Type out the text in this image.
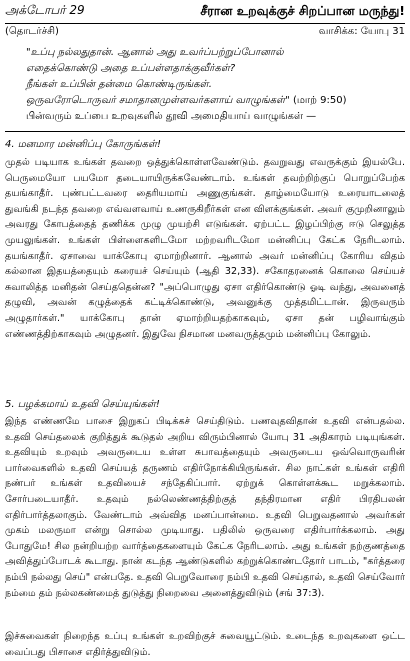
அக்டோபர் 29	சீரான உறவுக்குச் சிறப்பான மருந்து!
(தொடர்ச்சி)	வாசிக்க: யோபு 31
"உப்பு நல்லதுதான். ஆனால் அது உவர்ப்பற்றுப்போனால்
எதைக்கொண்டு அதை உப்பள்ளதாக்குவீர்கள்?
நீங்கள் உப்பின் தன்மை கொண்டிருங்கள்.
ஒருவரோடொருவர் சமாதானமுள்ளவர்களாய் வாழுங்கள்" (மாற் 9:50)
பின்வரும் உப்பை உறவுகளில் தூவி அமைதியாய் வாழுங்கள் —
4. மனமார மன்னிப்பு கோருங்கள்!
முதல் படியாக உங்கள் தவறை ஒத்துக்கொள்ளவேண்டும். தவறுவது எவருக்கும் இயல்பே. பெருமையோ பயமோ தடையாயிருக்கவேண்டாம். உங்கள் தவற்றிற்குப் பொறுப்பேற்க தயங்காதீர். புண்பட்டவரை தைரியமாய் அணுகுங்கள். தாழ்மையோடு உரையாடலைத் துவங்கி நடந்த தவறை எவ்வளவாய் உணருகிறீர்கள் என விளக்குங்கள். அவர் குமுறினாலும் அவரது கோபத்தைத் தணிக்க முழு முயற்சி எடுங்கள். ஏற்பட்ட இழப்பிற்கு ஈடு செலுத்த முயலுங்கள். உங்கள் பிள்ளைகளிடமோ மற்றவரிடமோ மன்னிப்பு கேட்க நேரிடலாம். தயங்காதீர். ஏசாவை யாக்கோபு ஏமாற்றினார். ஆனால் அவர் மன்னிப்பு கோரிய விதம் கல்லான இதயத்தையும் கரையச் செய்யும் (ஆதி 32,33). சகோதரனைக் கொலை செய்யச் சுவாலித்த மனிதன் செய்ததென்ன? "அப்பொழுது ஏசா எதிர்கொண்டு ஓடி வந்து, அவனைத் தழுவி, அவன் கழுத்தைக் கட்டிக்கொண்டு, அவனுக்கு முத்தமிட்டான். இருவரும் அழுதார்கள்." யாக்கோபு தான் ஏமாற்றியதற்காகவும், ஏசா தன் பழிவாங்கும் எண்ணத்திற்காகவும் அழுதனர். இதுவே நிசமான மனவருத்தமும் மன்னிப்பு கோலும்.
5. பழக்கமாய் உதவி செய்யுங்கள்!
இந்த எண்ணமே பாசை இறுகப் பிடிக்கச் செய்திடும். பணவுதவிதான் உதவி என்பதல்ல. உதவி செய்தலைக் குறித்துக் கூடுதல் அறிய விரும்பினால் யோபு 31 அதிகாரம் படியுங்கள். உதவியும் உறவும் அவருடைய உள்ள சுபாவத்தையும் அவருடைய ஒவ்வொருவரின் பார்வைகளில் உதவி செய்யத் தருணம் எதிர்நோக்கியிருங்கள். சில நாட்கள் உங்கள் எதிரி நண்பர் உங்கள் உதவியைச் சந்தேகிப்பார். ஏற்றுக் கொள்ளக்கூட மறுக்கலாம். சோர்படையாதீர். உதவும் நல்லெண்ணத்திற்குத் தந்திரமான எதிர் பிரதிபலன் எதிர்பார்த்தலாகும். வேண்டாம் அவ்வித மனப்பான்மை. உதவி பெறுவதனால் அவர்கள் முகம் மலருமா என்று சொல்ல முடியாது. பதிலில் ஒருவரை எதிர்பார்க்கலாம். அது போதுமே! சில நன்றியற்ற வார்த்தைகளையும் கேட்க நேரிடலாம். அது உங்கள் நற்குணத்தை அவித்துப்போடக் கூடாது. நான் கடந்த ஆண்டுகளில் கற்றுக்கொண்டதோர் பாடம், "கர்த்தரை நம்பி நல்லது செய்" என்பதே. உதவி பெறுவோரை நம்பி உதவி செய்தால், உதவி செய்வோர் நம்மை தம் நல்லகண்மைத் துடுத்து நிறைவை அனைத்துவிடும் (சங் 37:3).
இச்சுவைகள் நிறைந்த உப்பு உங்கள் உறவிற்குச் சுவையூட்டும். உடைந்த உறவுகளை ஒட்ட வைப்பது பிசாசை எதிர்த்துவிடும்.
